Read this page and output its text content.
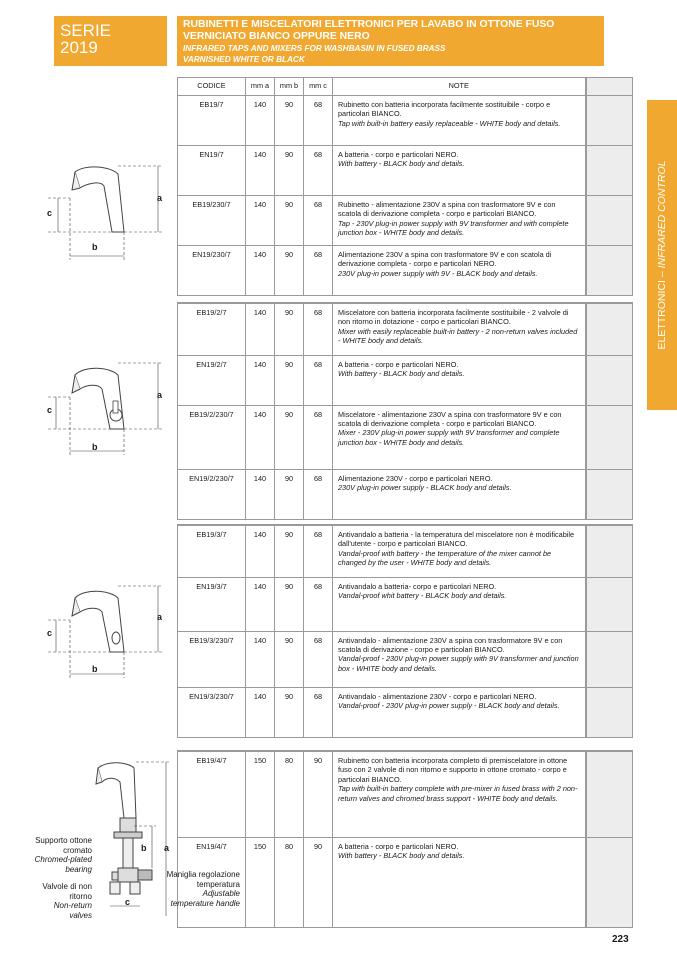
SERIE
2019
RUBINETTI E MISCELATORI ELETTRONICI PER LAVABO IN OTTONE FUSO
VERNICIATO BIANCO OPPURE NERO
INFRARED TAPS AND MIXERS FOR WASHBASIN IN FUSED BRASS
VARNISHED WHITE OR BLACK
ELETTRONICI – INFRARED CONTROL
CODICE	mm a	mm b	mm c	NOTE	
EB19/7	140	90	68	Rubinetto con batteria incorporata facilmente sostituibile - corpo e particolari BIANCO.
Tap with built-in battery easily replaceable - WHITE body and details.	

EN19/7	140	90	68	A batteria - corpo e particolari NERO.
With battery - BLACK body and details.	

EB19/230/7	140	90	68	Rubinetto - alimentazione 230V a spina con trasformatore 9V e con scatola di derivazione completa - corpo e particolari BIANCO.
Tap - 230V plug-in power supply with 9V transformer and with complete junction box - WHITE body and details.	

EN19/230/7	140	90	68	Alimentazione 230V a spina con trasformatore 9V e con scatola di derivazione completa - corpo e particolari NERO.
230V plug-in power supply with 9V - BLACK body and details.	

EB19/2/7	140	90	68	Miscelatore con batteria incorporata facilmente sostituibile - 2 valvole di non ritorno in dotazione - corpo e particolari BIANCO.
Mixer with easily replaceable built-in battery - 2 non-return valves included - WHITE body and details.	

EN19/2/7	140	90	68	A batteria - corpo e particolari NERO.
With battery - BLACK body and details.	

EB19/2/230/7	140	90	68	Miscelatore - alimentazione 230V a spina con trasformatore 9V e con scatola di derivazione completa - corpo e particolari BIANCO.
Mixer - 230V plug-in power supply with 9V transformer and complete junction box - WHITE body and details.	

EN19/2/230/7	140	90	68	Alimentazione 230V - corpo e particolari NERO.
230V plug-in power supply - BLACK body and details.	

EB19/3/7	140	90	68	Antivandalo a batteria - la temperatura del miscelatore non è modificabile dall'utente - corpo e particolari BIANCO.
Vandal-proof with battery - the temperature of the mixer cannot be changed by the user - WHITE body and details.	

EN19/3/7	140	90	68	Antivandalo a batteria- corpo e particolari NERO.
Vandal-proof whit battery - BLACK body and details.	

EB19/3/230/7	140	90	68	Antivandalo - alimentazione 230V a spina con trasformatore 9V e con scatola di derivazione - corpo e particolari BIANCO.
Vandal-proof - 230V plug-in power supply with 9V transformer and junction box - WHITE body and details.	

EN19/3/230/7	140	90	68	Antivandalo - alimentazione 230V - corpo e particolari NERO.
Vandal-proof - 230V plug-in power supply - BLACK body and details.	

EB19/4/7	150	80	90	Rubinetto con batteria incorporata completo di premiscelatore in ottone fuso con 2 valvole di non ritorno e supporto in ottone cromato - corpo e particolari BIANCO.
Tap with built-in battery complete with pre-mixer in fused brass with 2 non-return valves and chromed brass support - WHITE body and details.	

EN19/4/7	150	80	90	A batteria - corpo e particolari NERO.
With battery - BLACK body and details.	

a
c
b
a
c
b
a
c
b
b a
c
Supporto ottone cromato
Chromed-plated bearing
Valvole di non ritorno
Non-return valves
Maniglia regolazione temperatura
Adjustable temperature handle
223
